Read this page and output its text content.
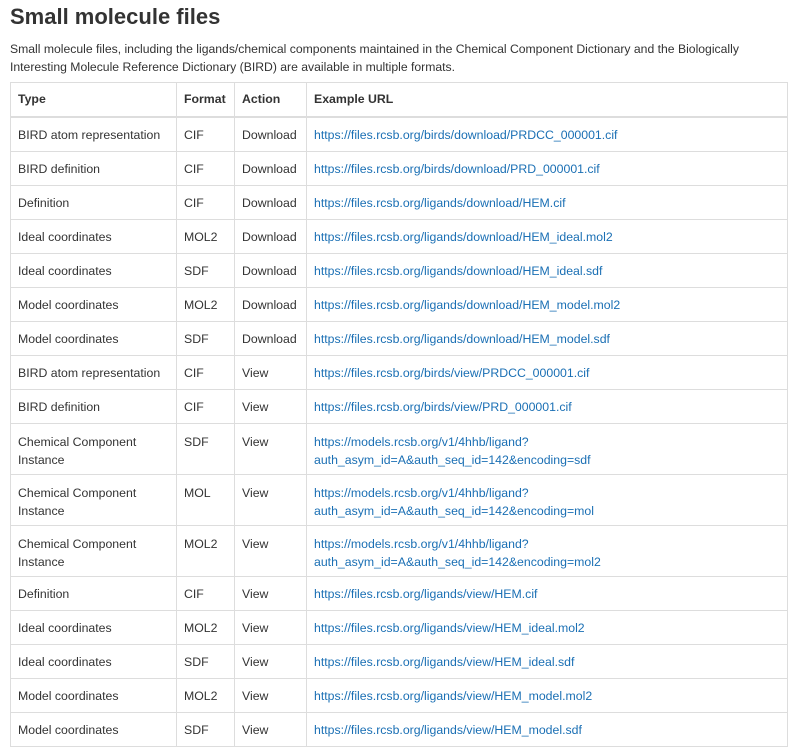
Small molecule files

Small molecule files, including the ligands/chemical components maintained in the Chemical Component Dictionary and the Biologically Interesting Molecule Reference Dictionary (BIRD) are available in multiple formats.

Type	Format	Action	Example URL
BIRD atom representation	CIF	Download	https://files.rcsb.org/birds/download/PRDCC_000001.cif
BIRD definition	CIF	Download	https://files.rcsb.org/birds/download/PRD_000001.cif
Definition	CIF	Download	https://files.rcsb.org/ligands/download/HEM.cif
Ideal coordinates	MOL2	Download	https://files.rcsb.org/ligands/download/HEM_ideal.mol2
Ideal coordinates	SDF	Download	https://files.rcsb.org/ligands/download/HEM_ideal.sdf
Model coordinates	MOL2	Download	https://files.rcsb.org/ligands/download/HEM_model.mol2
Model coordinates	SDF	Download	https://files.rcsb.org/ligands/download/HEM_model.sdf
BIRD atom representation	CIF	View	https://files.rcsb.org/birds/view/PRDCC_000001.cif
BIRD definition	CIF	View	https://files.rcsb.org/birds/view/PRD_000001.cif
Chemical Component Instance	SDF	View	https://models.rcsb.org/v1/4hhb/ligand?
auth_asym_id=A&auth_seq_id=142&encoding=sdf
Chemical Component Instance	MOL	View	https://models.rcsb.org/v1/4hhb/ligand?
auth_asym_id=A&auth_seq_id=142&encoding=mol
Chemical Component Instance	MOL2	View	https://models.rcsb.org/v1/4hhb/ligand?
auth_asym_id=A&auth_seq_id=142&encoding=mol2
Definition	CIF	View	https://files.rcsb.org/ligands/view/HEM.cif
Ideal coordinates	MOL2	View	https://files.rcsb.org/ligands/view/HEM_ideal.mol2
Ideal coordinates	SDF	View	https://files.rcsb.org/ligands/view/HEM_ideal.sdf
Model coordinates	MOL2	View	https://files.rcsb.org/ligands/view/HEM_model.mol2
Model coordinates	SDF	View	https://files.rcsb.org/ligands/view/HEM_model.sdf
